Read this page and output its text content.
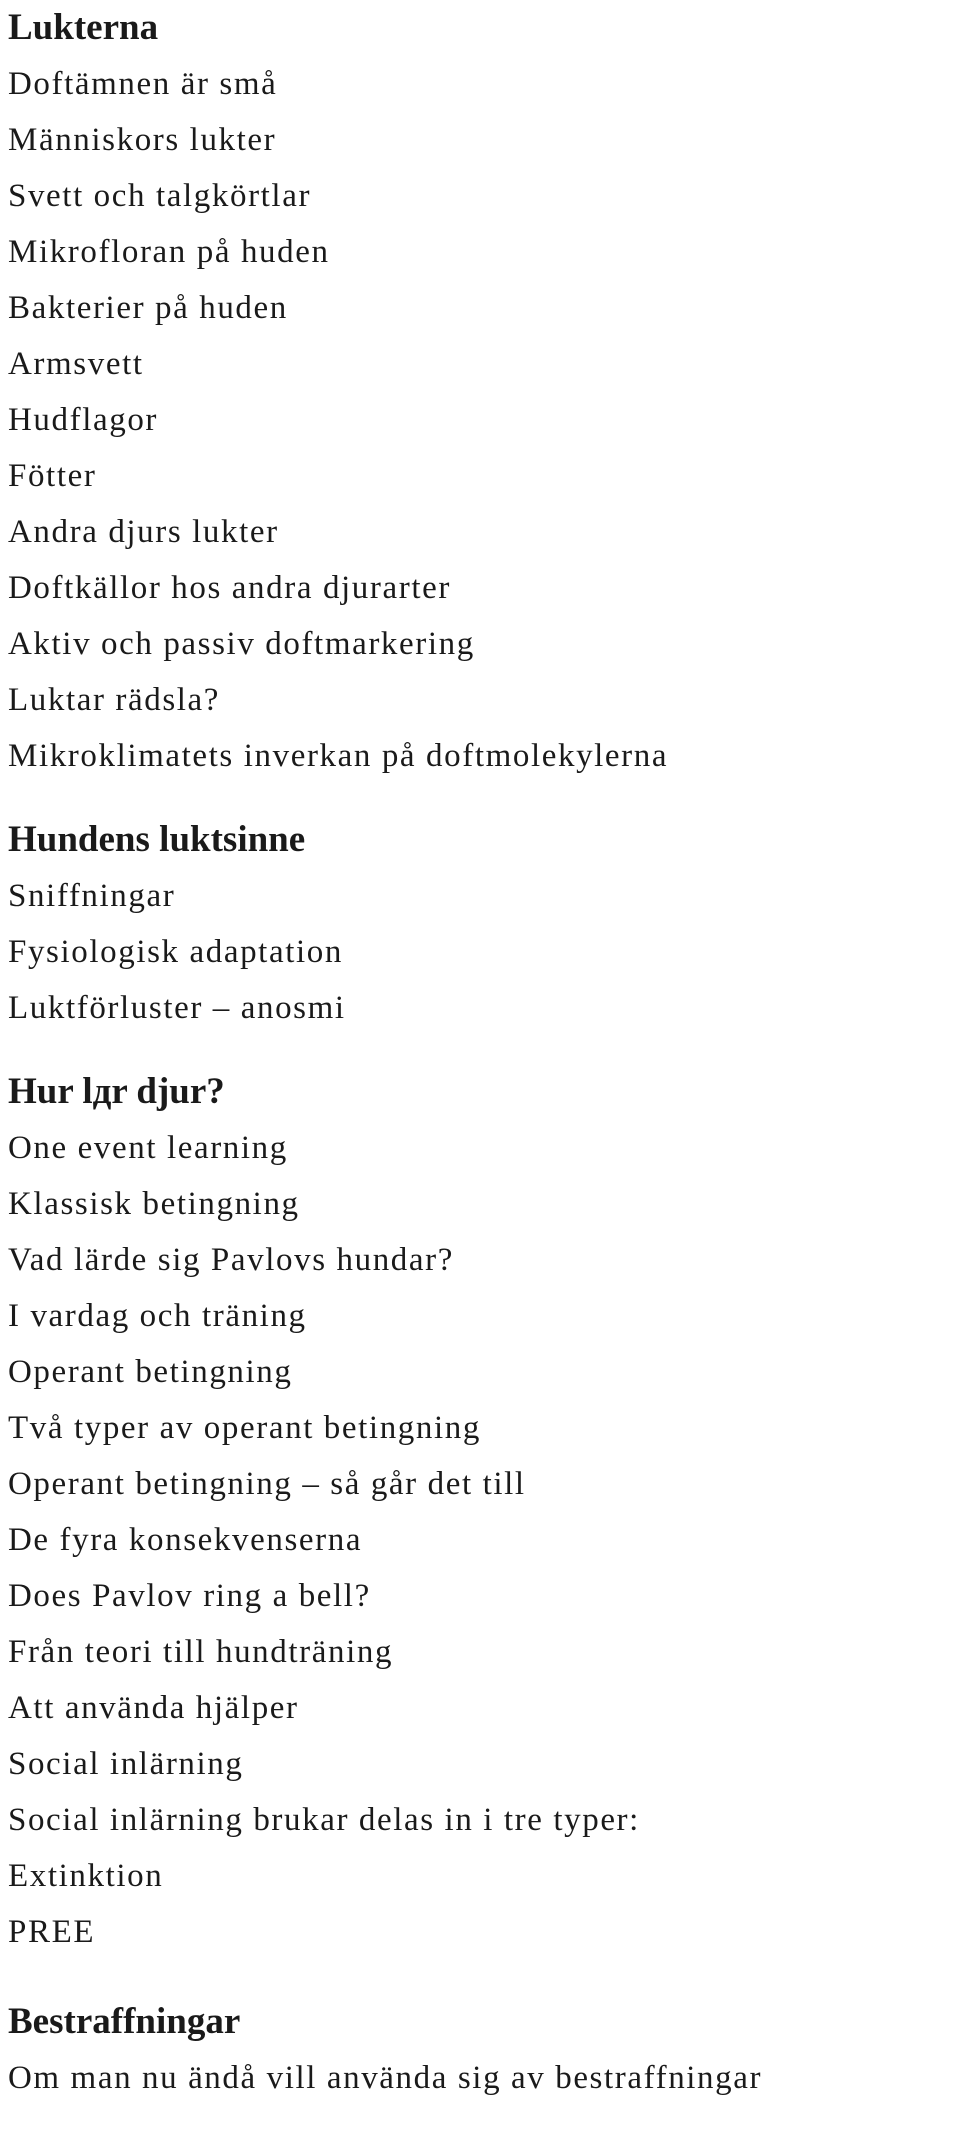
Lukterna
Doftämnen är små
Människors lukter
Svett och talgkörtlar
Mikrofloran på huden
Bakterier på huden
Armsvett
Hudflagor
Fötter
Andra djurs lukter
Doftkällor hos andra djurarter
Aktiv och passiv doftmarkering
Luktar rädsla?
Mikroklimatets inverkan på doftmolekylerna
Hundens luktsinne
Sniffningar
Fysiologisk adaptation
Luktförluster – anosmi
Hur lдr djur?
One event learning
Klassisk betingning
Vad lärde sig Pavlovs hundar?
I vardag och träning
Operant betingning
Två typer av operant betingning
Operant betingning – så går det till
De fyra konsekvenserna
Does Pavlov ring a bell?
Från teori till hundträning
Att använda hjälper
Social inlärning
Social inlärning brukar delas in i tre typer:
Extinktion
PREE
Bestraffningar
Om man nu ändå vill använda sig av bestraffningar
